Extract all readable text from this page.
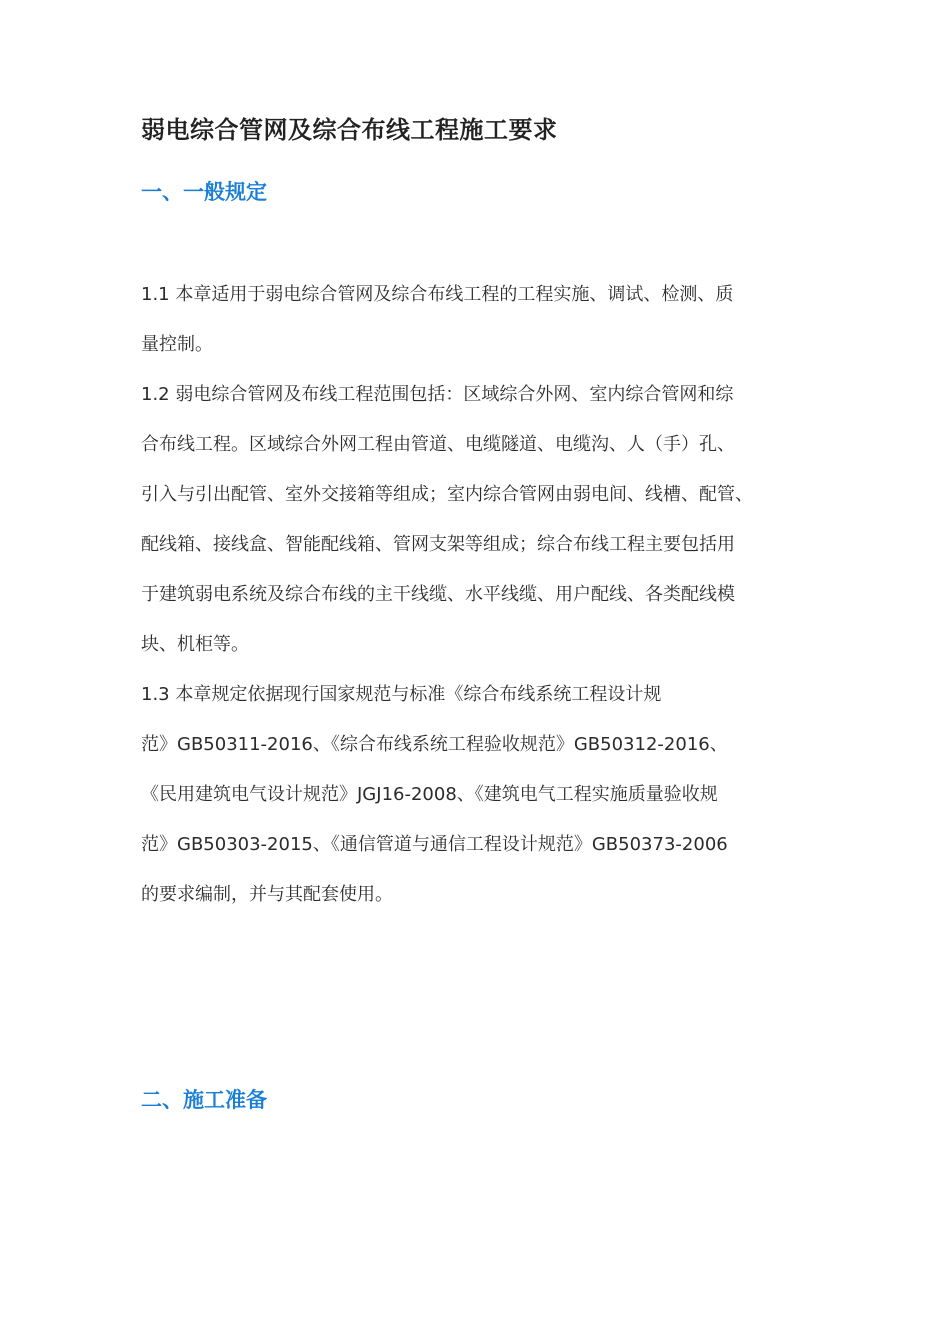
弱电综合管网及综合布线工程施工要求
一、一般规定
1.1 本章适用于弱电综合管网及综合布线工程的工程实施、调试、检测、质
量控制。
1.2 弱电综合管网及布线工程范围包括：区域综合外网、室内综合管网和综
合布线工程。区域综合外网工程由管道、电缆隧道、电缆沟、人（手）孔、
引入与引出配管、室外交接箱等组成；室内综合管网由弱电间、线槽、配管、
配线箱、接线盒、智能配线箱、管网支架等组成；综合布线工程主要包括用
于建筑弱电系统及综合布线的主干线缆、水平线缆、用户配线、各类配线模
块、机柜等。
1.3 本章规定依据现行国家规范与标准《综合布线系统工程设计规
范》GB50311-2016、《综合布线系统工程验收规范》GB50312-2016、
《民用建筑电气设计规范》JGJ16-2008、《建筑电气工程实施质量验收规
范》GB50303-2015、《通信管道与通信工程设计规范》GB50373-2006
的要求编制，并与其配套使用。
二、施工准备
